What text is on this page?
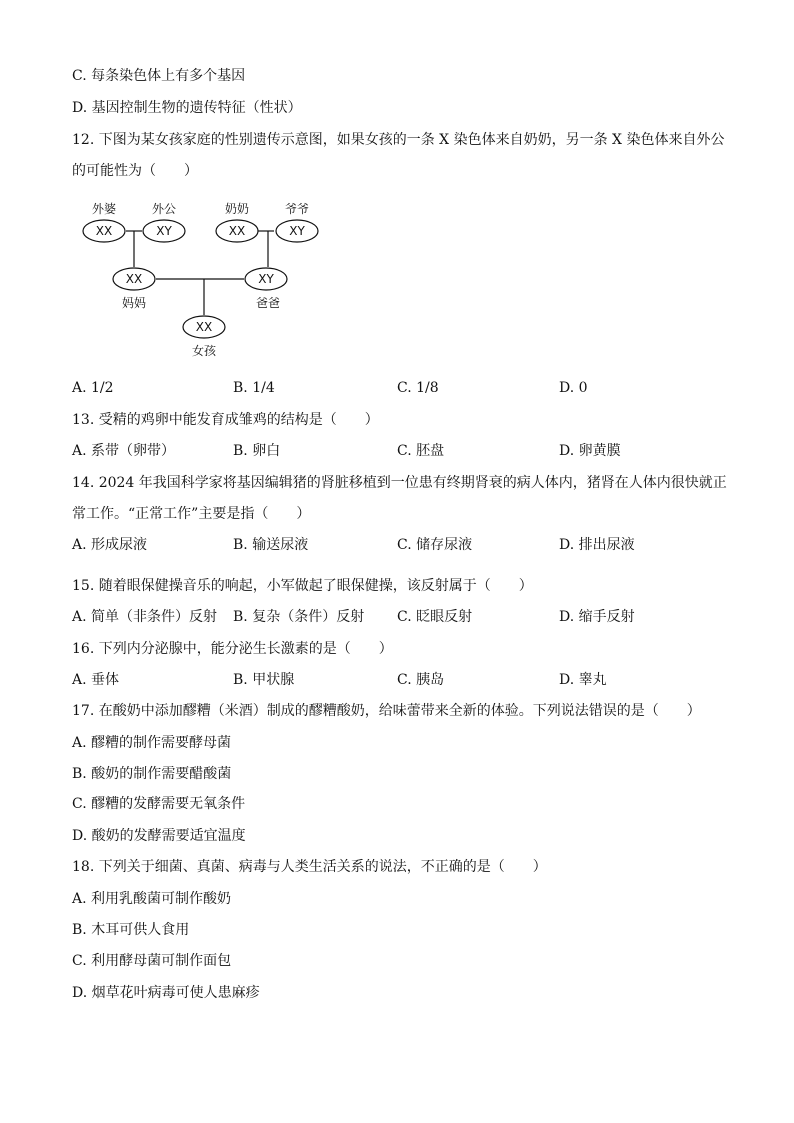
C. 每条染色体上有多个基因
D. 基因控制生物的遗传特征（性状）
12. 下图为某女孩家庭的性别遗传示意图，如果女孩的一条 X 染色体来自奶奶，另一条 X 染色体来自外公
的可能性为（　　）
外婆	外公	奶奶	爷爷
妈妈	爸爸
女孩
XX	XY	XX	XY
XX	XY
XX
A. 1/2	B. 1/4	C. 1/8	D. 0
13. 受精的鸡卵中能发育成雏鸡的结构是（　　）
A. 系带（卵带）	B. 卵白	C. 胚盘	D. 卵黄膜
14. 2024 年我国科学家将基因编辑猪的肾脏移植到一位患有终期肾衰的病人体内，猪肾在人体内很快就正
常工作。“正常工作”主要是指（　　）
A. 形成尿液	B. 输送尿液	C. 储存尿液	D. 排出尿液
15. 随着眼保健操音乐的响起，小军做起了眼保健操，该反射属于（　　）
A. 简单（非条件）反射 B. 复杂（条件）反射 C. 眨眼反射	D. 缩手反射
16. 下列内分泌腺中，能分泌生长激素的是（　　）
A. 垂体	B. 甲状腺	C. 胰岛	D. 睾丸
17. 在酸奶中添加醪糟（米酒）制成的醪糟酸奶，给味蕾带来全新的体验。下列说法错误的是（　　）
A. 醪糟的制作需要酵母菌
B. 酸奶的制作需要醋酸菌
C. 醪糟的发酵需要无氧条件
D. 酸奶的发酵需要适宜温度
18. 下列关于细菌、真菌、病毒与人类生活关系的说法，不正确的是（　　）
A. 利用乳酸菌可制作酸奶
B. 木耳可供人食用
C. 利用酵母菌可制作面包
D. 烟草花叶病毒可使人患麻疹
